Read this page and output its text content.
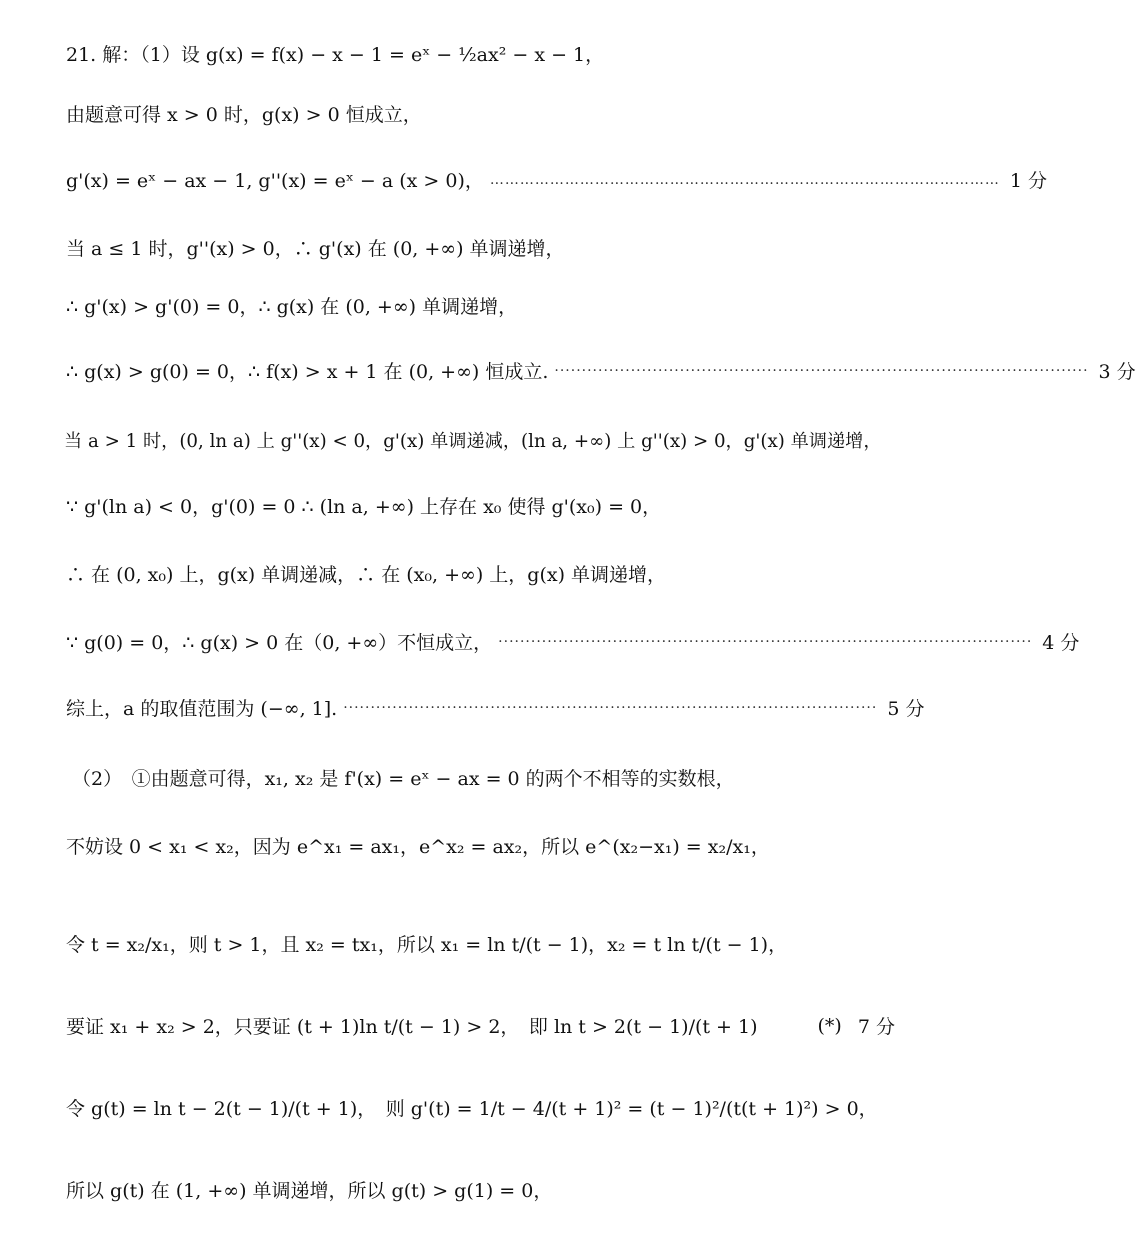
21. 解：（1）设 g(x) = f(x) − x − 1 = eˣ − ½ax² − x − 1，
由题意可得 x > 0 时，g(x) > 0 恒成立，
g'(x) = eˣ − ax − 1, g''(x) = eˣ − a (x > 0)， ………………………………………………………………………………………… 1 分
当 a ≤ 1 时，g''(x) > 0，∴ g'(x) 在 (0, +∞) 单调递增，
∴ g'(x) > g'(0) = 0，∴ g(x) 在 (0, +∞) 单调递增，
∴ g(x) > g(0) = 0，∴ f(x) > x + 1 在 (0, +∞) 恒成立. ·································································································· 3 分
当 a > 1 时，(0, ln a) 上 g''(x) < 0，g'(x) 单调递减，(ln a, +∞) 上 g''(x) > 0，g'(x) 单调递增，
∵ g'(ln a) < 0，g'(0) = 0 ∴ (ln a, +∞) 上存在 x₀ 使得 g'(x₀) = 0，
∴ 在 (0, x₀) 上，g(x) 单调递减，∴ 在 (x₀, +∞) 上，g(x) 单调递增，
∵ g(0) = 0，∴ g(x) > 0 在（0, +∞）不恒成立， ·································································································· 4 分
综上，a 的取值范围为 (−∞, 1]. ·································································································· 5 分
（2）　①由题意可得，x₁, x₂ 是 f'(x) = eˣ − ax = 0 的两个不相等的实数根，
不妨设 0 < x₁ < x₂，因为 e^x₁ = ax₁，e^x₂ = ax₂，所以 e^(x₂−x₁) = x₂/x₁，
令 t = x₂/x₁，则 t > 1，且 x₂ = tx₁，所以 x₁ = ln t/(t − 1)，x₂ = t ln t/(t − 1)，
要证 x₁ + x₂ > 2，只要证 (t + 1)ln t/(t − 1) > 2，　即 ln t > 2(t − 1)/(t + 1)	(*) 7 分
令 g(t) = ln t − 2(t − 1)/(t + 1)，　则 g'(t) = 1/t − 4/(t + 1)² = (t − 1)²/(t(t + 1)²) > 0，
所以 g(t) 在 (1, +∞) 单调递增，所以 g(t) > g(1) = 0，
